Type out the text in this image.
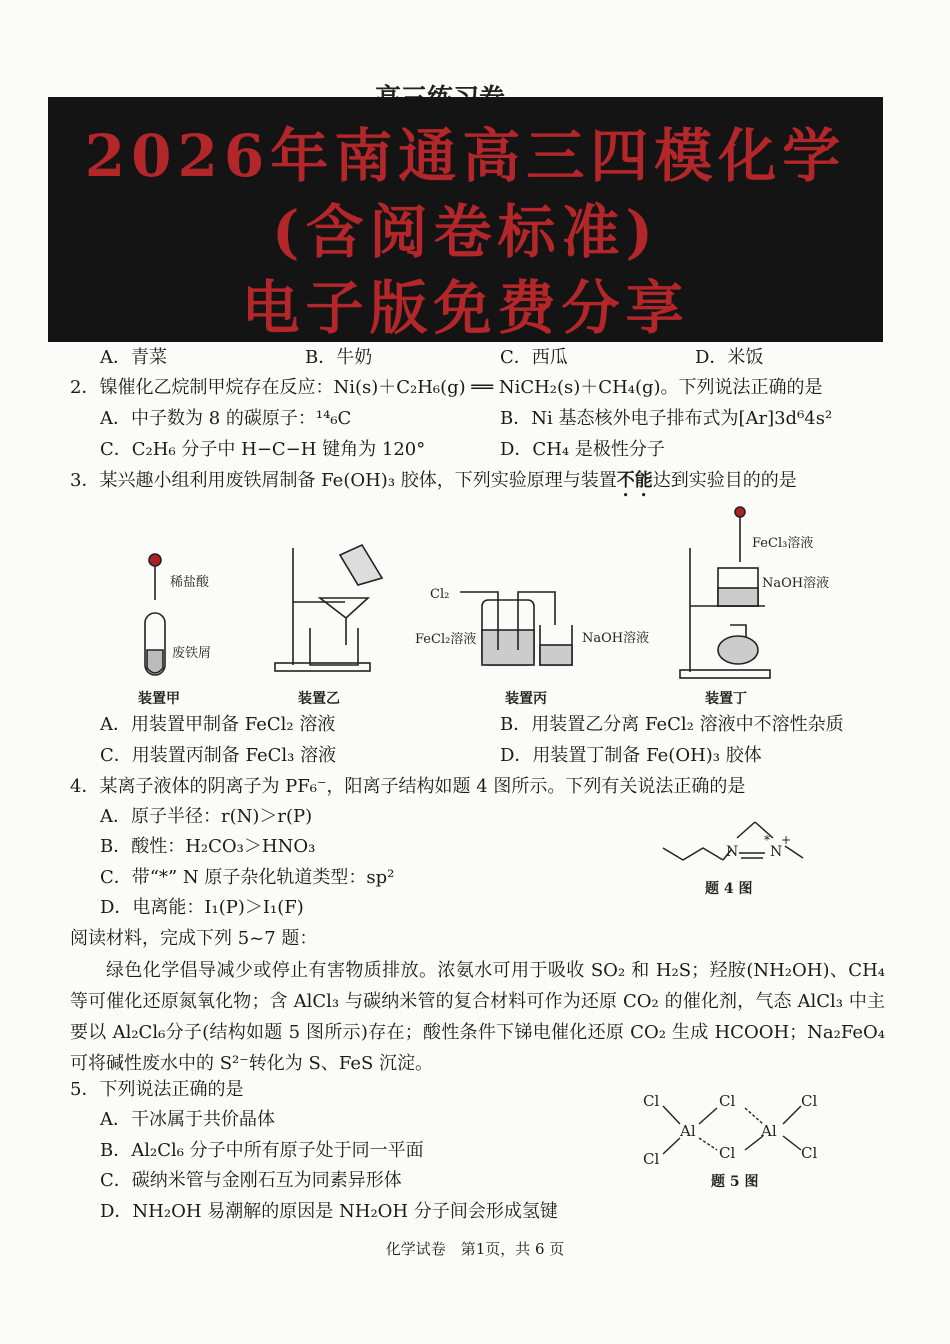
2026年南通高三四模化学
(含阅卷标准)
电子版免费分享
A．青菜	B．牛奶	C．西瓜	D．米饭
2．镍催化乙烷制甲烷存在反应：Ni(s)＋C₂H₆(g) ══ NiCH₂(s)＋CH₄(g)。下列说法正确的是
A．中子数为 8 的碳原子：¹⁴₆C	B．Ni 基态核外电子排布式为[Ar]3d⁶4s²
C．C₂H₆ 分子中 H−C−H 键角为 120°	D．CH₄ 是极性分子
3．某兴趣小组利用废铁屑制备 Fe(OH)₃ 胶体，下列实验原理与装置不能达到实验目的的是
稀盐酸
废铁屑
Cl₂
FeCl₂溶液	NaOH溶液
FeCl₃溶液
NaOH溶液
装置甲	装置乙	装置丙	装置丁
A．用装置甲制备 FeCl₂ 溶液	B．用装置乙分离 FeCl₂ 溶液中不溶性杂质
C．用装置丙制备 FeCl₃ 溶液	D．用装置丁制备 Fe(OH)₃ 胶体
4．某离子液体的阴离子为 PF₆⁻，阳离子结构如题 4 图所示。下列有关说法正确的是
A．原子半径：r(N)＞r(P)
B．酸性：H₂CO₃＞HNO₃
C．带“*” N 原子杂化轨道类型：sp²
D．电离能：I₁(P)＞I₁(F)
N N
* +
题 4 图
阅读材料，完成下列 5~7 题：

绿色化学倡导减少或停止有害物质排放。浓氨水可用于吸收 SO₂ 和 H₂S；羟胺(NH₂OH)、CH₄ 等可催化还原氮氧化物；含 AlCl₃ 与碳纳米管的复合材料可作为还原 CO₂ 的催化剂，气态 AlCl₃ 中主要以 Al₂Cl₆分子(结构如题 5 图所示)存在；酸性条件下锑电催化还原 CO₂ 生成 HCOOH；Na₂FeO₄ 可将碱性废水中的 S²⁻转化为 S、FeS 沉淀。

5．下列说法正确的是
A．干冰属于共价晶体
B．Al₂Cl₆ 分子中所有原子处于同一平面
C．碳纳米管与金刚石互为同素异形体
D．NH₂OH 易潮解的原因是 NH₂OH 分子间会形成氢键
Cl
Cl
Cl
Cl
Cl
Cl
Al	Al
题 5 图
化学试卷　第1页，共 6 页
